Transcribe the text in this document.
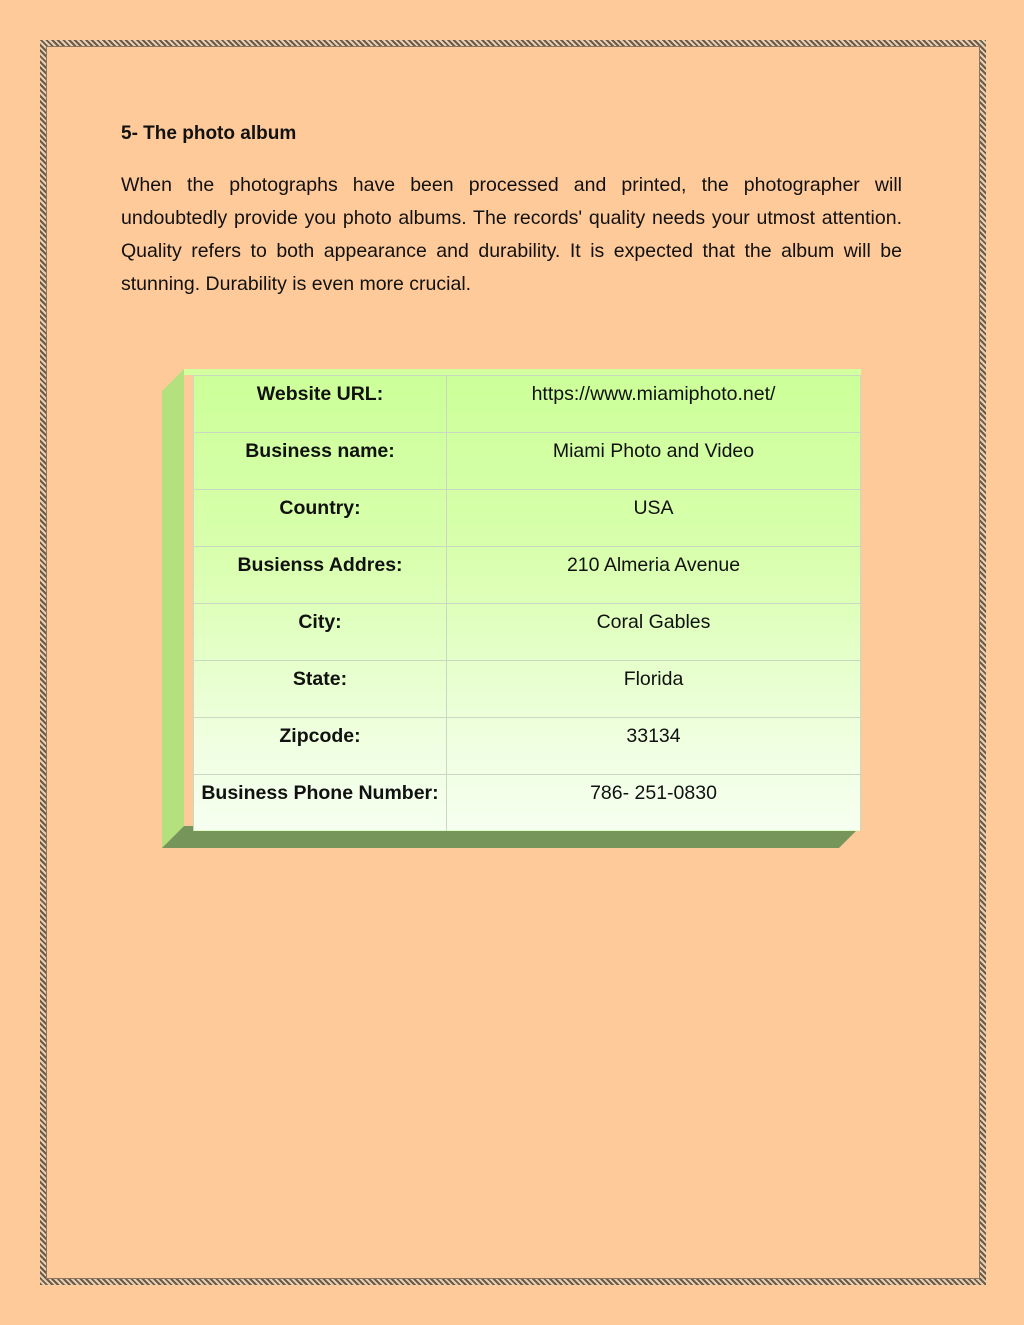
5- The photo album

When the photographs have been processed and printed, the photographer will undoubtedly provide you photo albums. The records' quality needs your utmost attention. Quality refers to both appearance and durability. It is expected that the album will be stunning. Durability is even more crucial.

Website URL:	https://www.miamiphoto.net/
Business name:	Miami Photo and Video
Country:	USA
Busienss Addres:	210 Almeria Avenue
City:	Coral Gables
State:	Florida
Zipcode:	33134
Business Phone Number:	786- 251-0830
